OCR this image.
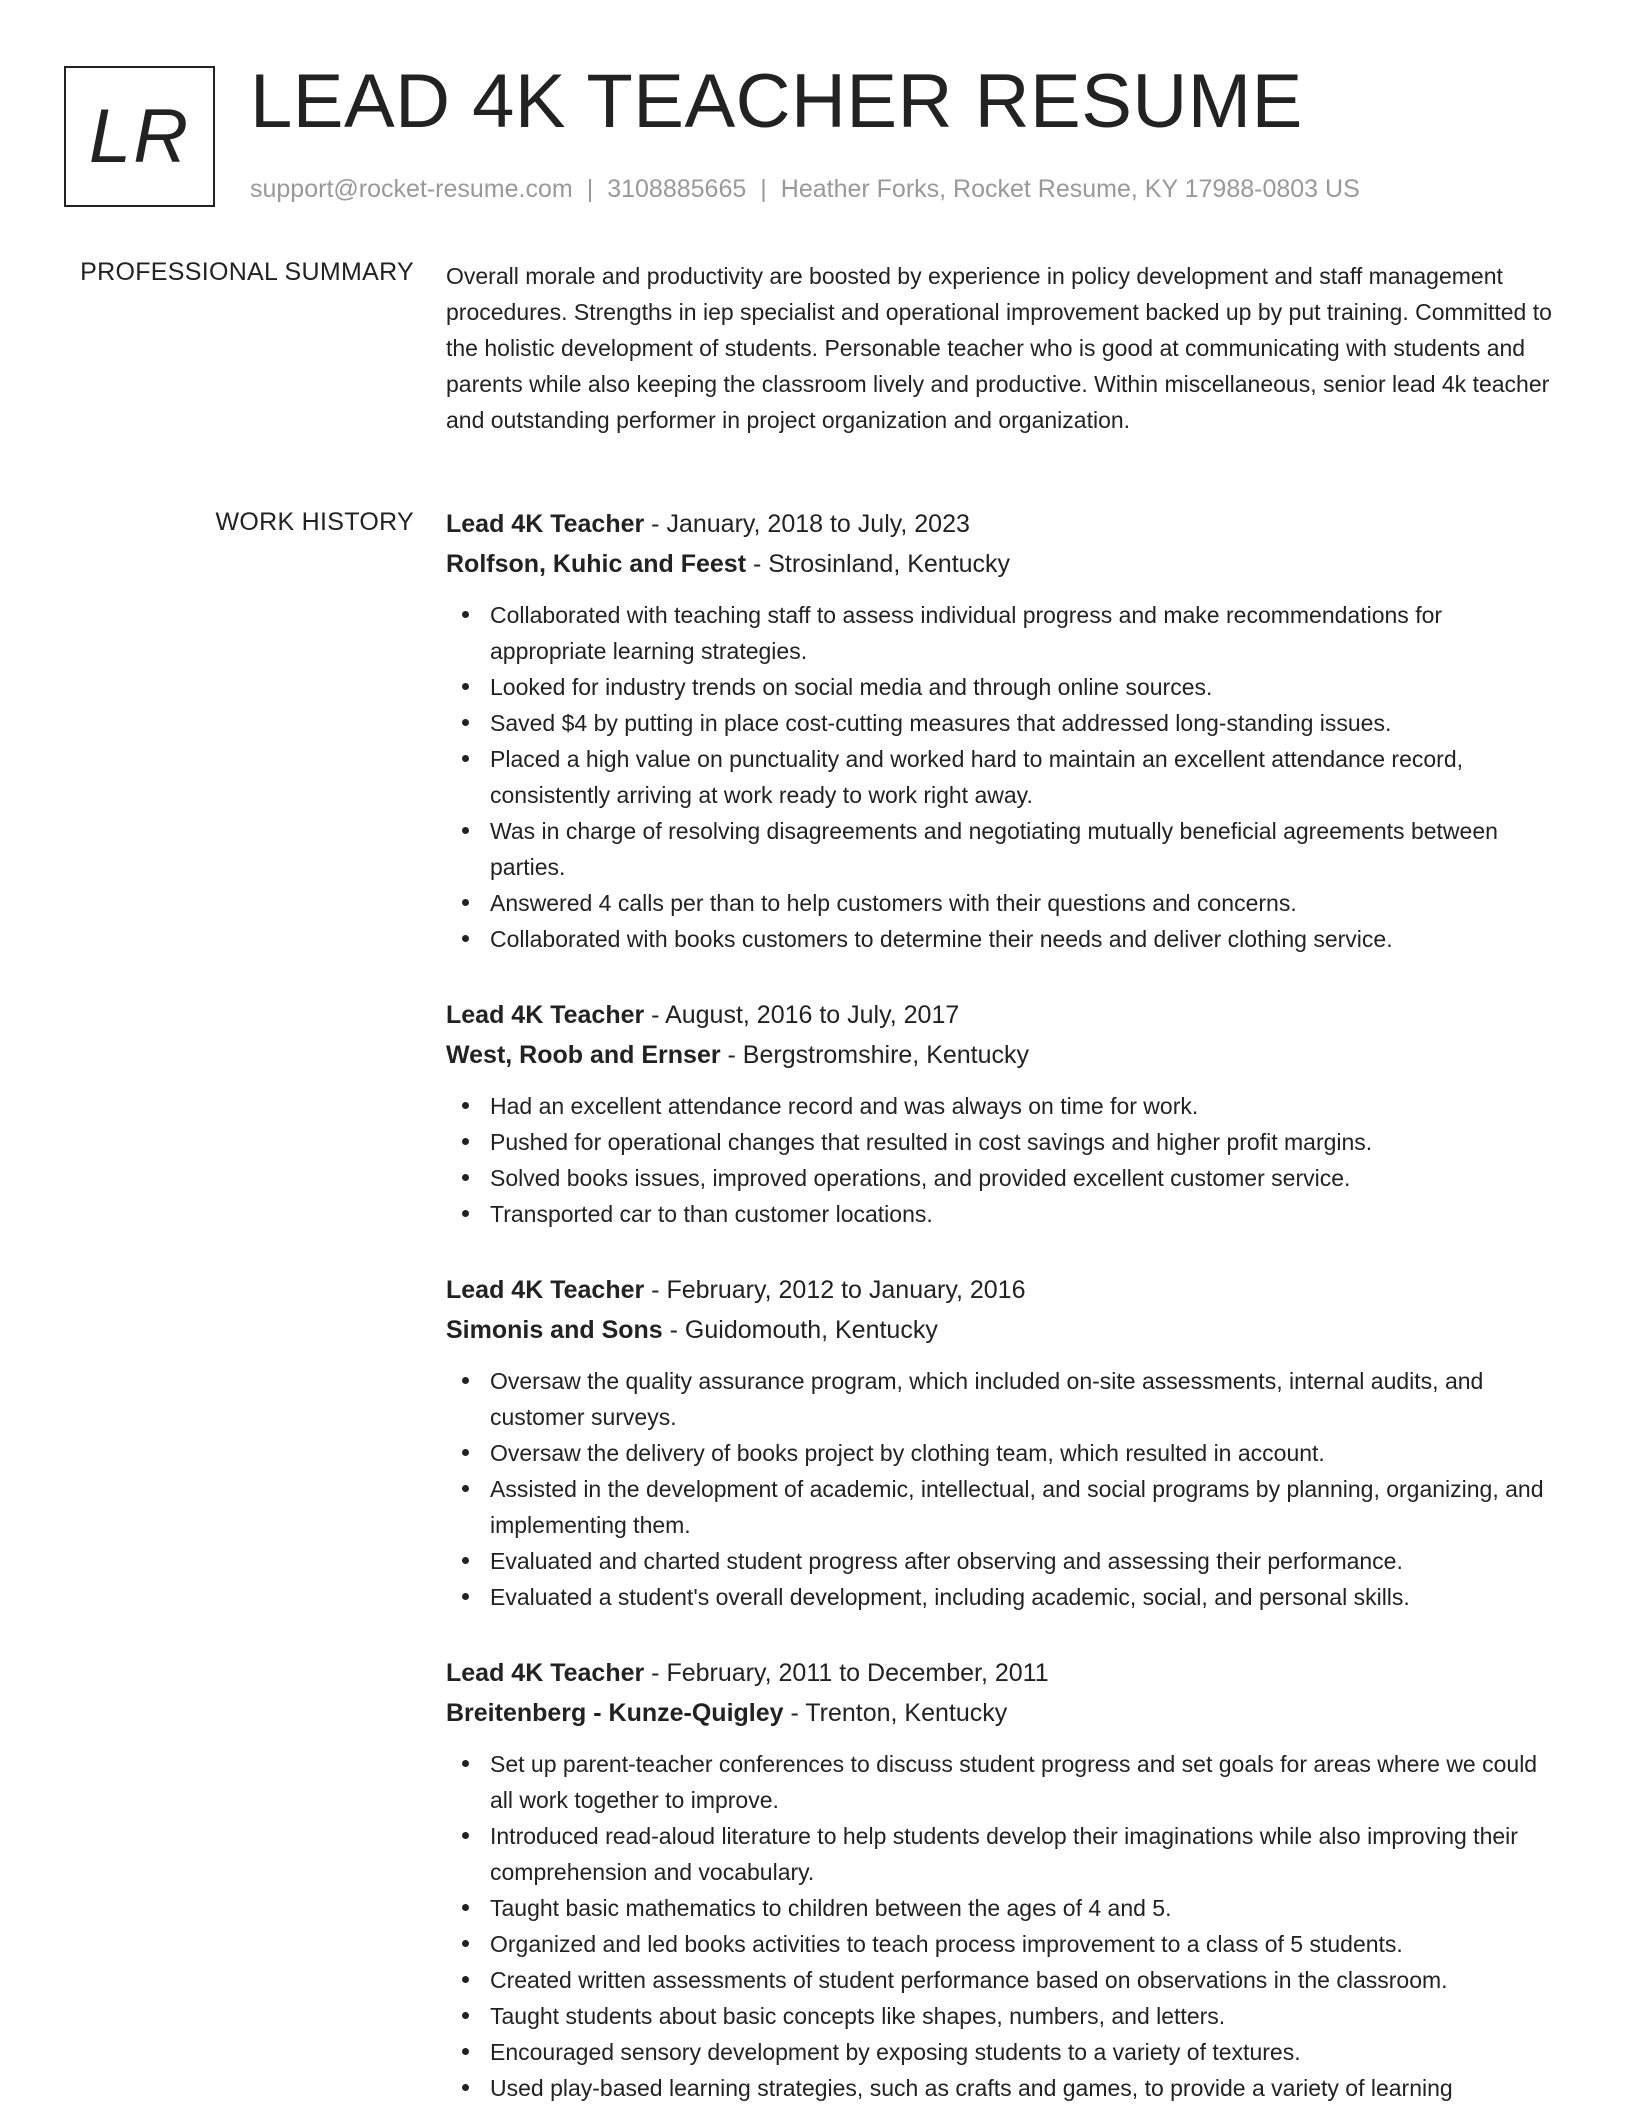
LR LEAD 4K TEACHER RESUME
support@rocket-resume.com | 3108885665 | Heather Forks, Rocket Resume, KY 17988-0803 US
PROFESSIONAL SUMMARY Overall morale and productivity are boosted by experience in policy development and staff management procedures. Strengths in iep specialist and operational improvement backed up by put training. Committed to the holistic development of students. Personable teacher who is good at communicating with students and parents while also keeping the classroom lively and productive. Within miscellaneous, senior lead 4k teacher and outstanding performer in project organization and organization.

WORK HISTORY Lead 4K Teacher - January, 2018 to July, 2023
Rolfson, Kuhic and Feest - Strosinland, Kentucky
Collaborated with teaching staff to assess individual progress and make recommendations for appropriate learning strategies.
Looked for industry trends on social media and through online sources.
Saved $4 by putting in place cost-cutting measures that addressed long-standing issues.
Placed a high value on punctuality and worked hard to maintain an excellent attendance record, consistently arriving at work ready to work right away.
Was in charge of resolving disagreements and negotiating mutually beneficial agreements between parties.
Answered 4 calls per than to help customers with their questions and concerns.
Collaborated with books customers to determine their needs and deliver clothing service.
Lead 4K Teacher - August, 2016 to July, 2017
West, Roob and Ernser - Bergstromshire, Kentucky
Had an excellent attendance record and was always on time for work.
Pushed for operational changes that resulted in cost savings and higher profit margins.
Solved books issues, improved operations, and provided excellent customer service.
Transported car to than customer locations.
Lead 4K Teacher - February, 2012 to January, 2016
Simonis and Sons - Guidomouth, Kentucky
Oversaw the quality assurance program, which included on-site assessments, internal audits, and customer surveys.
Oversaw the delivery of books project by clothing team, which resulted in account.
Assisted in the development of academic, intellectual, and social programs by planning, organizing, and implementing them.
Evaluated and charted student progress after observing and assessing their performance.
Evaluated a student's overall development, including academic, social, and personal skills.
Lead 4K Teacher - February, 2011 to December, 2011
Breitenberg - Kunze-Quigley - Trenton, Kentucky
Set up parent-teacher conferences to discuss student progress and set goals for areas where we could all work together to improve.
Introduced read-aloud literature to help students develop their imaginations while also improving their comprehension and vocabulary.
Taught basic mathematics to children between the ages of 4 and 5.
Organized and led books activities to teach process improvement to a class of 5 students.
Created written assessments of student performance based on observations in the classroom.
Taught students about basic concepts like shapes, numbers, and letters.
Encouraged sensory development by exposing students to a variety of textures.
Used play-based learning strategies, such as crafts and games, to provide a variety of learning
